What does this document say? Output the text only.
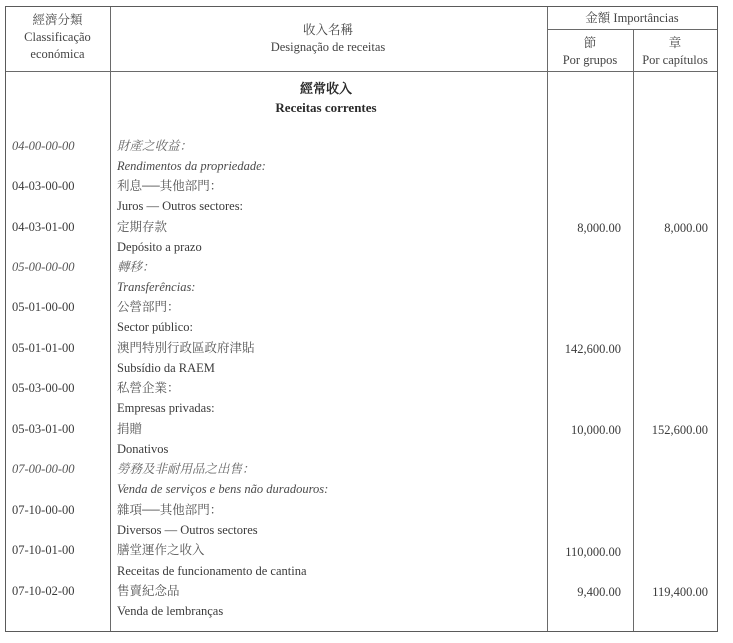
經濟分類
Classificação
económica
收入名稱
Designação de receitas
金額 Importâncias
節
Por grupos
章
Por capítulos
經常收入
Receitas correntes
04-00-00-00	財產之收益：
Rendimentos da propriedade:
04-03-00-00	利息──其他部門：
Juros — Outros sectores:
04-03-01-00	定期存款	8,000.00	8,000.00
Depósito a prazo
05-00-00-00	轉移：
Transferências:
05-01-00-00	公營部門：
Sector público:
05-01-01-00	澳門特別行政區政府津貼	142,600.00
Subsídio da RAEM
05-03-00-00	私營企業：
Empresas privadas:
05-03-01-00	捐贈	10,000.00	152,600.00
Donativos
07-00-00-00	勞務及非耐用品之出售：
Venda de serviços e bens não duradouros:
07-10-00-00	雜項──其他部門：
Diversos — Outros sectores
07-10-01-00	膳堂運作之收入	110,000.00
Receitas de funcionamento de cantina
07-10-02-00	售賣紀念品	9,400.00	119,400.00
Venda de lembranças
